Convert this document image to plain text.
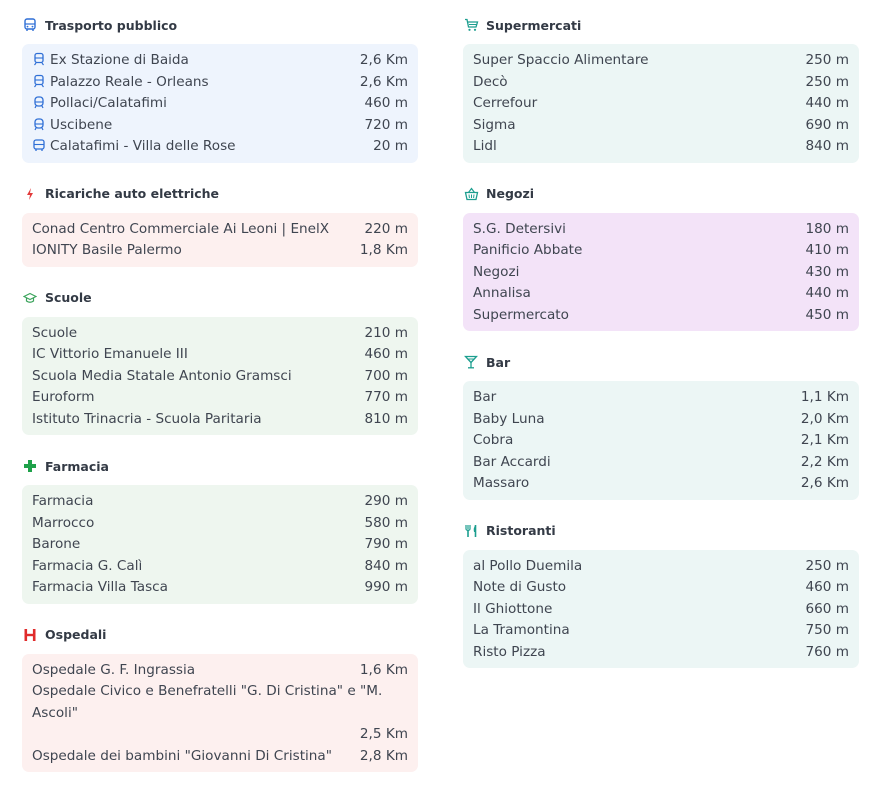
Trasporto pubblico
Ex Stazione di Baida	2,6 Km
Palazzo Reale - Orleans	2,6 Km
Pollaci/Calatafimi	460 m
Uscibene	720 m
Calatafimi - Villa delle Rose	20 m
Ricariche auto elettriche
Conad Centro Commerciale Ai Leoni | EnelX	220 m
IONITY Basile Palermo	1,8 Km
Scuole
Scuole	210 m
IC Vittorio Emanuele III	460 m
Scuola Media Statale Antonio Gramsci	700 m
Euroform	770 m
Istituto Trinacria - Scuola Paritaria	810 m
Farmacia
Farmacia	290 m
Marrocco	580 m
Barone	790 m
Farmacia G. Calì	840 m
Farmacia Villa Tasca	990 m
Ospedali
Ospedale G. F. Ingrassia	1,6 Km
Ospedale Civico e Benefratelli "G. Di Cristina" e "M. Ascoli"
2,5 Km
Ospedale dei bambini "Giovanni Di Cristina"	2,8 Km
Supermercati
Super Spaccio Alimentare	250 m
Decò	250 m
Cerrefour	440 m
Sigma	690 m
Lidl	840 m
Negozi
S.G. Detersivi	180 m
Panificio Abbate	410 m
Negozi	430 m
Annalisa	440 m
Supermercato	450 m
Bar
Bar	1,1 Km
Baby Luna	2,0 Km
Cobra	2,1 Km
Bar Accardi	2,2 Km
Massaro	2,6 Km
Ristoranti
al Pollo Duemila	250 m
Note di Gusto	460 m
Il Ghiottone	660 m
La Tramontina	750 m
Risto Pizza	760 m
